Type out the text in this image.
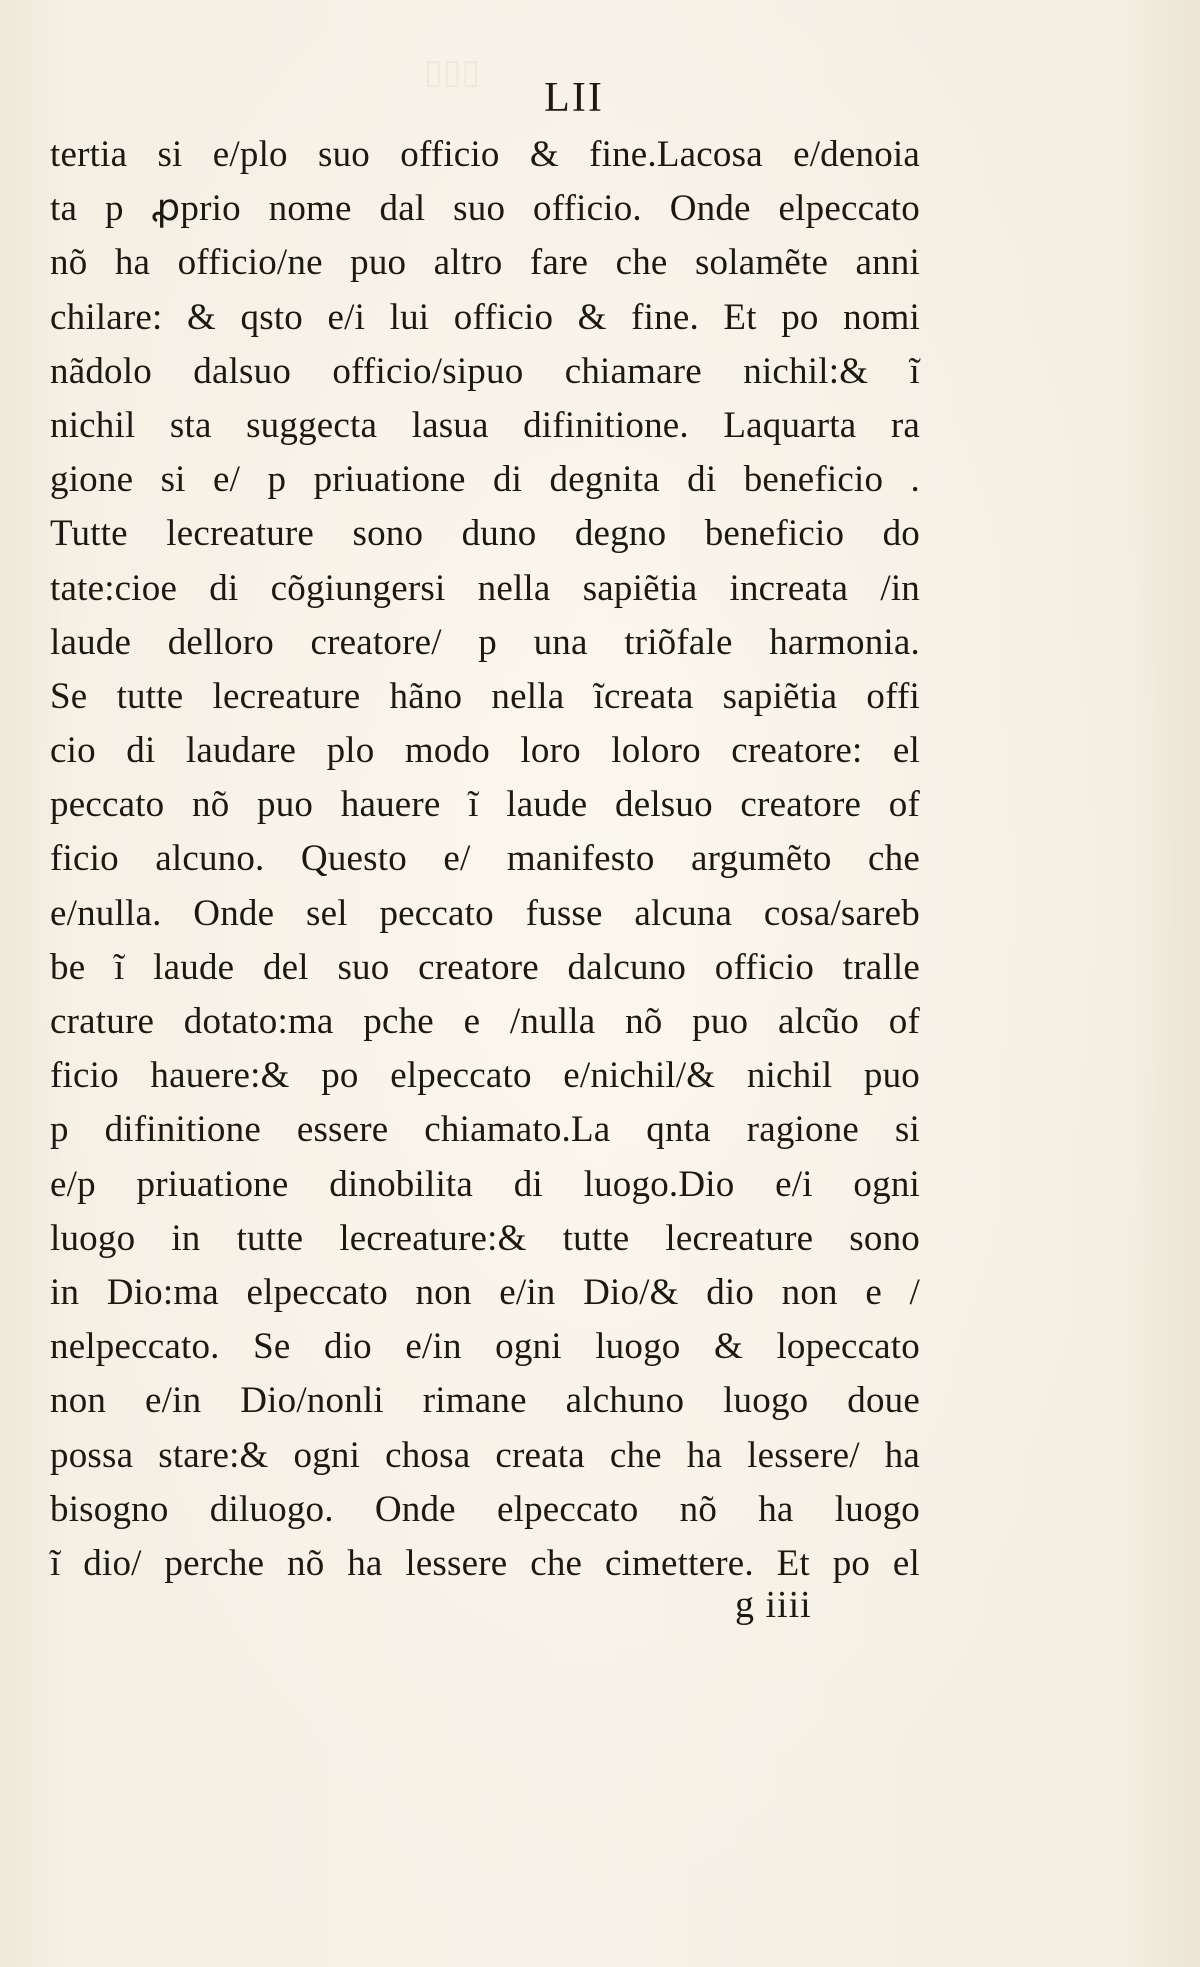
▯▯▯

LII

tertia si e/plo suo officio & fine.Lacosa e/denoia
ta p ꝓprio nome dal suo officio. Onde elpeccato
nõ ha officio/ne puo altro fare che solamẽte anni
chilare: & qsto e/i lui officio & fine. Et po nomi
nãdolo dalsuo officio/sipuo chiamare nichil:& ĩ
nichil sta suggecta lasua difinitione. Laquarta ra
gione si e/ p priuatione di degnita di beneficio .
Tutte lecreature sono duno degno beneficio do
tate:cioe di cõgiungersi nella sapiẽtia increata /in
laude delloro creatore/ p una triõfale harmonia.
Se tutte lecreature hãno nella ĩcreata sapiẽtia offi
cio di laudare plo modo loro loloro creatore: el
peccato nõ puo hauere ĩ laude delsuo creatore of
ficio alcuno. Questo e/ manifesto argumẽto che
e/nulla. Onde sel peccato fusse alcuna cosa/sareb
be ĩ laude del suo creatore dalcuno officio tralle
crature dotato:ma pche e /nulla nõ puo alcũo of
ficio hauere:& po elpeccato e/nichil/& nichil puo
p difinitione essere chiamato.La qnta ragione si
e/p priuatione dinobilita di luogo.Dio e/i ogni
luogo in tutte lecreature:& tutte lecreature sono
in Dio:ma elpeccato non e/in Dio/& dio non e /
nelpeccato. Se dio e/in ogni luogo & lopeccato
non e/in Dio/nonli rimane alchuno luogo doue
possa stare:& ogni chosa creata che ha lessere/ ha
bisogno diluogo. Onde elpeccato nõ ha luogo
ĩ dio/ perche nõ ha lessere che cimettere. Et po el

g iiii
